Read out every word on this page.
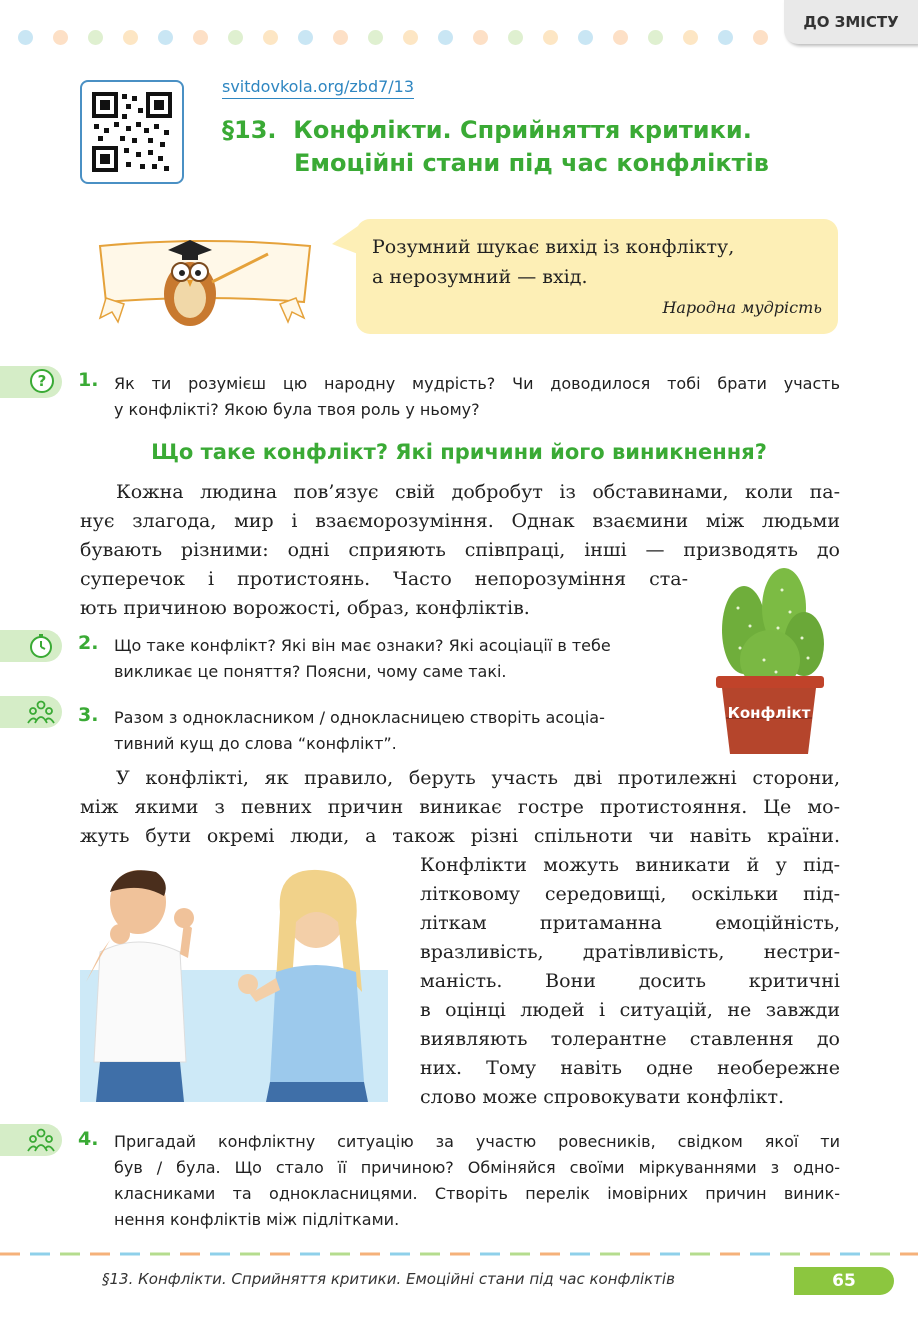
ДО ЗМІСТУ
svitdovkola.org/zbd7/13
§13. Конфлікти. Сприйняття критики.
Емоційні стани під час конфліктів
Розумний шукає вихід із конфлікту,
а нерозумний — вхід.
Народна мудрість
?	1. Як ти розумієш цю народну мудрість? Чи доводилося тобі брати участь
у конфлікті? Якою була твоя роль у ньому?
Що таке конфлікт? Які причини його виникнення?
Кожна людина пов’язує свій добробут із обставинами, коли па-
нує злагода, мир і взаєморозуміння. Однак взаємини між людьми
бувають різними: одні сприяють співпраці, інші — призводять до
суперечок і протистоянь. Часто непорозуміння ста-
ють причиною ворожості, образ, конфліктів.
Конфлікт
2. Що таке конфлікт? Які він має ознаки? Які асоціації в тебе
викликає це поняття? Поясни, чому саме такі.
3. Разом з однокласником / однокласницею створіть асоціа-
тивний кущ до слова “конфлікт”.
У конфлікті, як правило, беруть участь дві протилежні сторони,
між якими з певних причин виникає гостре протистояння. Це мо-
жуть бути окремі люди, а також різні спільноти чи навіть країни.
Конфлікти можуть виникати й у під-
літковому середовищі, оскільки під-
літкам притаманна емоційність,
вразливість, дратівливість, нестри-
маність. Вони досить критичні
в оцінці людей і ситуацій, не завжди
виявляють толерантне ставлення до
них. Тому навіть одне необережне
слово може спровокувати конфлікт.
4. Пригадай конфліктну ситуацію за участю ровесників, свідком якої ти
був / була. Що стало її причиною? Обміняйся своїми міркуваннями з одно-
класниками та однокласницями. Створіть перелік імовірних причин виник-
нення конфліктів між підлітками.
§13. Конфлікти. Сприйняття критики. Емоційні стани під час конфліктів	65
